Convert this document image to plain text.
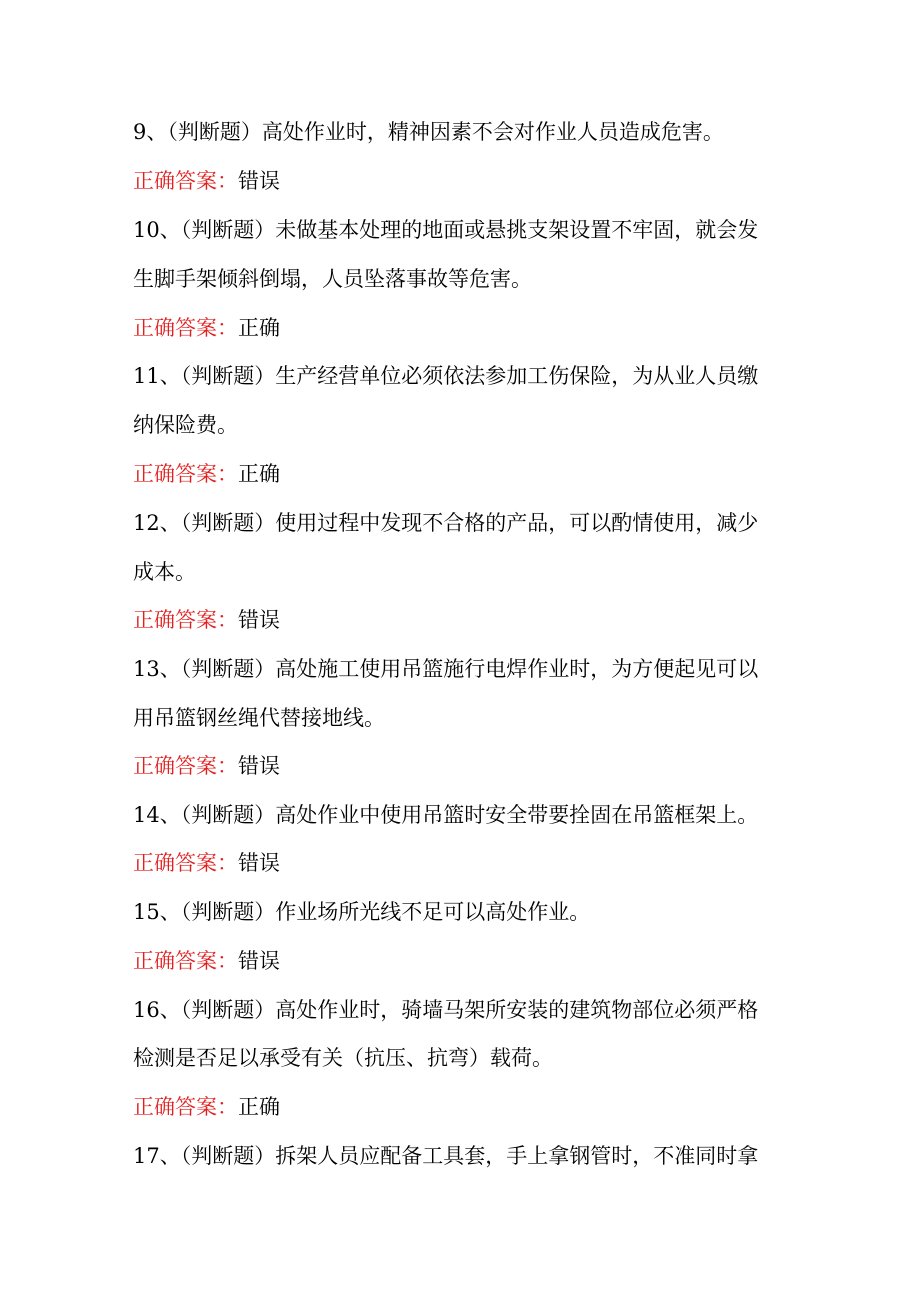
9、（判断题）高处作业时，精神因素不会对作业人员造成危害。
正确答案：错误
10、（判断题）未做基本处理的地面或悬挑支架设置不牢固，就会发
生脚手架倾斜倒塌，人员坠落事故等危害。
正确答案：正确
11、（判断题）生产经营单位必须依法参加工伤保险，为从业人员缴
纳保险费。
正确答案：正确
12、（判断题）使用过程中发现不合格的产品，可以酌情使用，减少
成本。
正确答案：错误
13、（判断题）高处施工使用吊篮施行电焊作业时，为方便起见可以
用吊篮钢丝绳代替接地线。
正确答案：错误
14、（判断题）高处作业中使用吊篮时安全带要拴固在吊篮框架上。
正确答案：错误
15、（判断题）作业场所光线不足可以高处作业。
正确答案：错误
16、（判断题）高处作业时，骑墙马架所安装的建筑物部位必须严格
检测是否足以承受有关（抗压、抗弯）载荷。
正确答案：正确
17、（判断题）拆架人员应配备工具套，手上拿钢管时，不准同时拿
